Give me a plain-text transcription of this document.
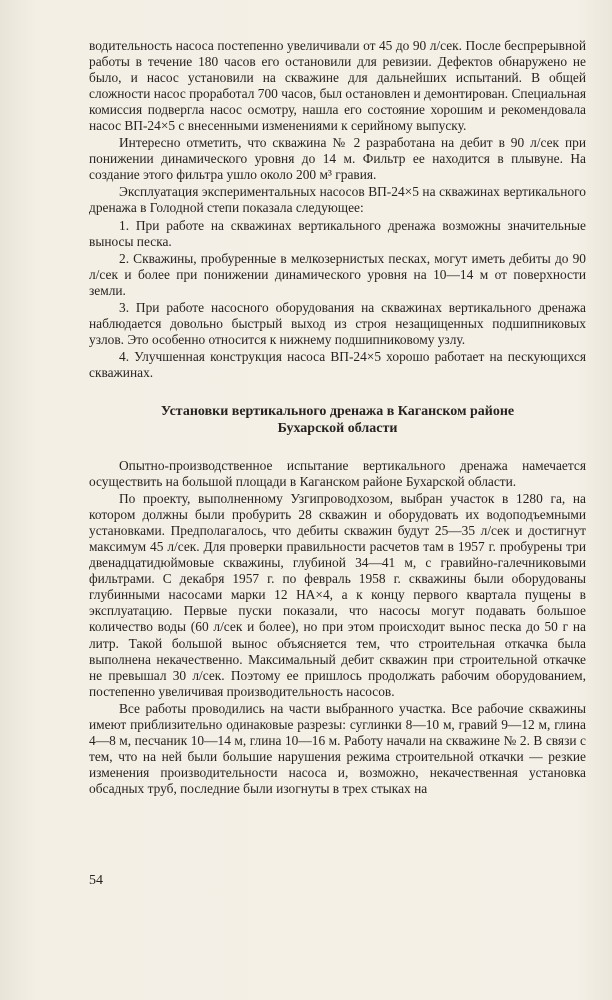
водительность насоса постепенно увеличивали от 45 до 90 л/сек. После беспрерывной работы в течение 180 часов его остановили для ревизии. Дефектов обнаружено не было, и насос установили на скважине для дальнейших испытаний. В общей сложности насос проработал 700 часов, был остановлен и демонтирован. Специальная комиссия подвергла насос осмотру, нашла его состояние хорошим и рекомендовала насос ВП-24×5 с внесенными изменениями к серийному выпуску.

Интересно отметить, что скважина № 2 разработана на дебит в 90 л/сек при понижении динамического уровня до 14 м. Фильтр ее находится в плывуне. На создание этого фильтра ушло около 200 м³ гравия.

Эксплуатация экспериментальных насосов ВП-24×5 на скважинах вертикального дренажа в Голодной степи показала следующее:

1. При работе на скважинах вертикального дренажа возможны значительные выносы песка.

2. Скважины, пробуренные в мелкозернистых песках, могут иметь дебиты до 90 л/сек и более при понижении динамического уровня на 10—14 м от поверхности земли.

3. При работе насосного оборудования на скважинах вертикального дренажа наблюдается довольно быстрый выход из строя незащищенных подшипниковых узлов. Это особенно относится к нижнему подшипниковому узлу.

4. Улучшенная конструкция насоса ВП-24×5 хорошо работает на пескующихся скважинах.

Установки вертикального дренажа в Каганском районе
Бухарской области

Опытно-производственное испытание вертикального дренажа намечается осуществить на большой площади в Каганском районе Бухарской области.

По проекту, выполненному Узгипроводхозом, выбран участок в 1280 га, на котором должны были пробурить 28 скважин и оборудовать их водоподъемными установками. Предполагалось, что дебиты скважин будут 25—35 л/сек и достигнут максимум 45 л/сек. Для проверки правильности расчетов там в 1957 г. пробурены три двенадцатидюймовые скважины, глубиной 34—41 м, с гравийно-галечниковыми фильтрами. С декабря 1957 г. по февраль 1958 г. скважины были оборудованы глубинными насосами марки 12 НА×4, а к концу первого квартала пущены в эксплуатацию. Первые пуски показали, что насосы могут подавать большое количество воды (60 л/сек и более), но при этом происходит вынос песка до 50 г на литр. Такой большой вынос объясняется тем, что строительная откачка была выполнена некачественно. Максимальный дебит скважин при строительной откачке не превышал 30 л/сек. Поэтому ее пришлось продолжать рабочим оборудованием, постепенно увеличивая производительность насосов.

Все работы проводились на части выбранного участка. Все рабочие скважины имеют приблизительно одинаковые разрезы: суглинки 8—10 м, гравий 9—12 м, глина 4—8 м, песчаник 10—14 м, глина 10—16 м. Работу начали на скважине № 2. В связи с тем, что на ней были большие нарушения режима строительной откачки — резкие изменения производительности насоса и, возможно, некачественная установка обсадных труб, последние были изогнуты в трех стыках на

54
